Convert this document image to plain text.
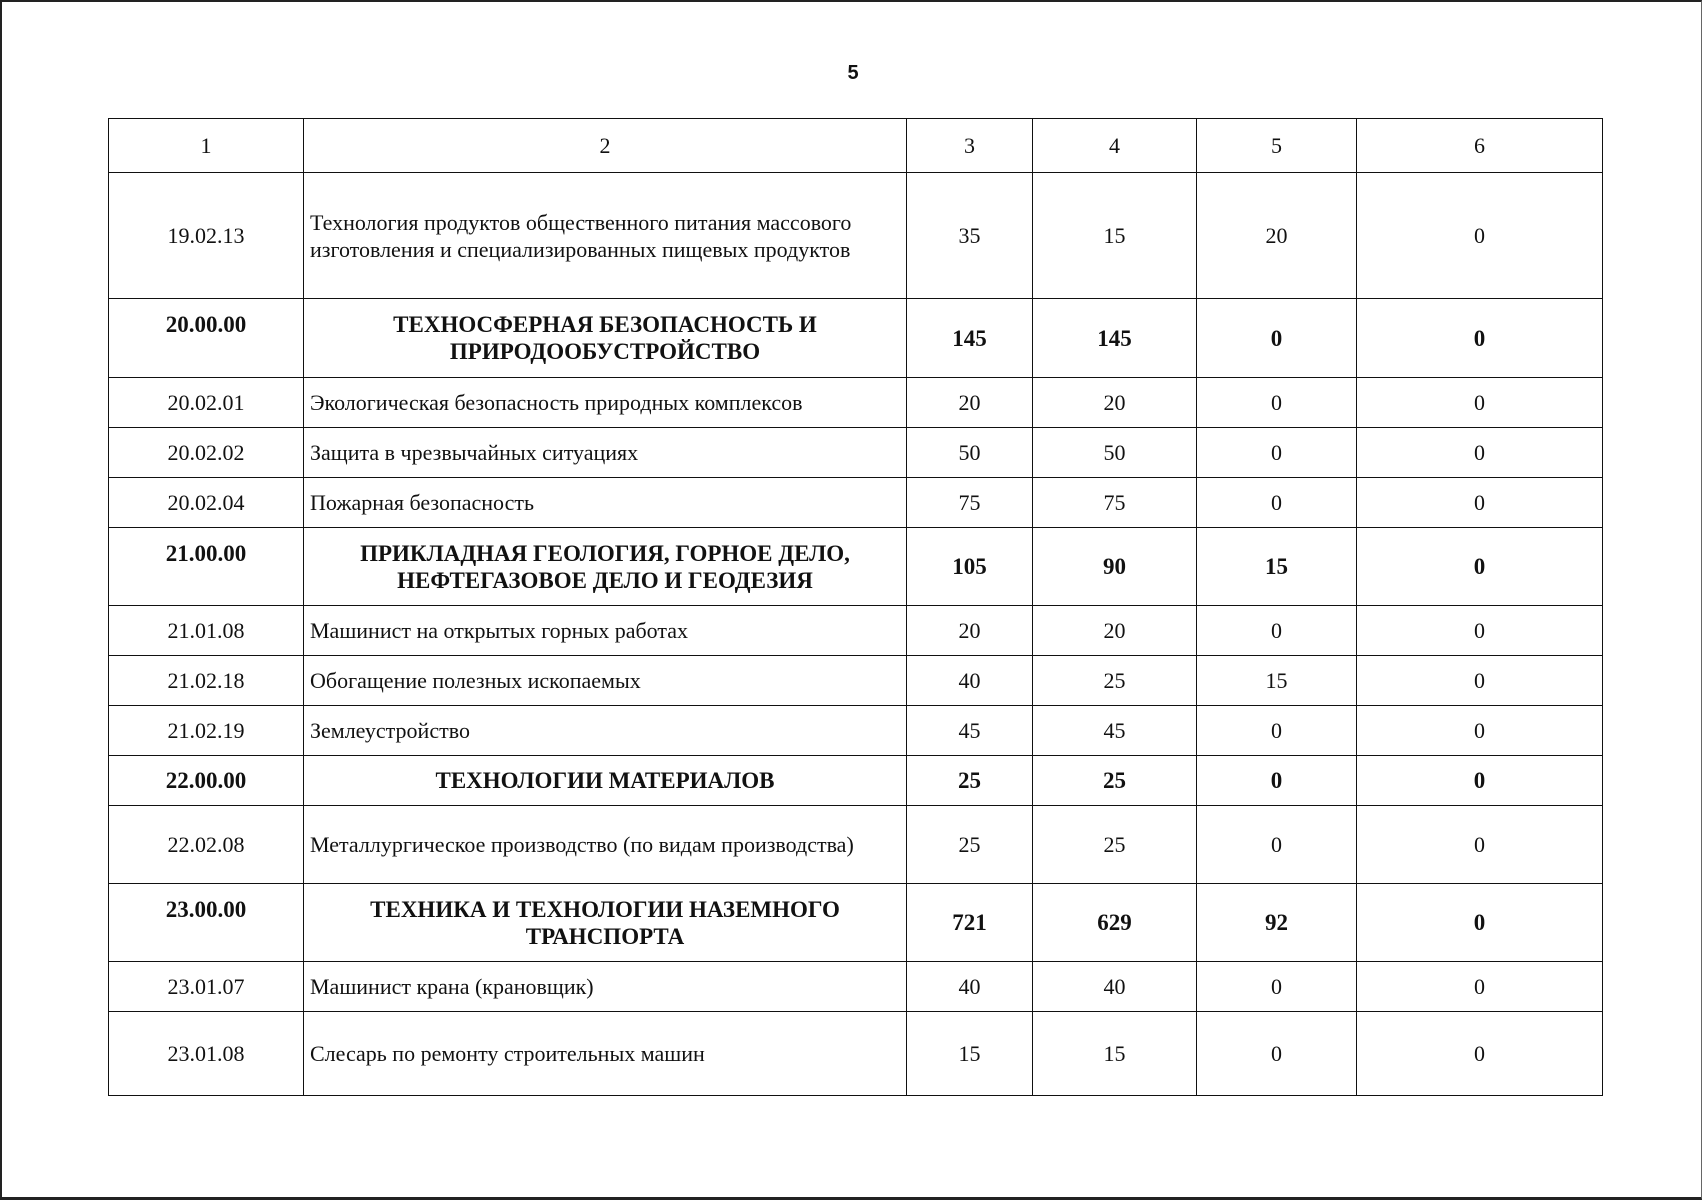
5
1	2	3	4	5	6
19.02.13	Технология продуктов общественного питания массового изготовления и специализированных пищевых продуктов	35	15	20	0
20.00.00	ТЕХНОСФЕРНАЯ БЕЗОПАСНОСТЬ И ПРИРОДООБУСТРОЙСТВО	145	145	0	0
20.02.01	Экологическая безопасность природных комплексов	20	20	0	0
20.02.02	Защита в чрезвычайных ситуациях	50	50	0	0
20.02.04	Пожарная безопасность	75	75	0	0
21.00.00	ПРИКЛАДНАЯ ГЕОЛОГИЯ, ГОРНОЕ ДЕЛО, НЕФТЕГАЗОВОЕ ДЕЛО И ГЕОДЕЗИЯ	105	90	15	0
21.01.08	Машинист на открытых горных работах	20	20	0	0
21.02.18	Обогащение полезных ископаемых	40	25	15	0
21.02.19	Землеустройство	45	45	0	0
22.00.00	ТЕХНОЛОГИИ МАТЕРИАЛОВ	25	25	0	0
22.02.08	Металлургическое производство (по видам производства)	25	25	0	0
23.00.00	ТЕХНИКА И ТЕХНОЛОГИИ НАЗЕМНОГО ТРАНСПОРТА	721	629	92	0
23.01.07	Машинист крана (крановщик)	40	40	0	0
23.01.08	Слесарь по ремонту строительных машин	15	15	0	0
